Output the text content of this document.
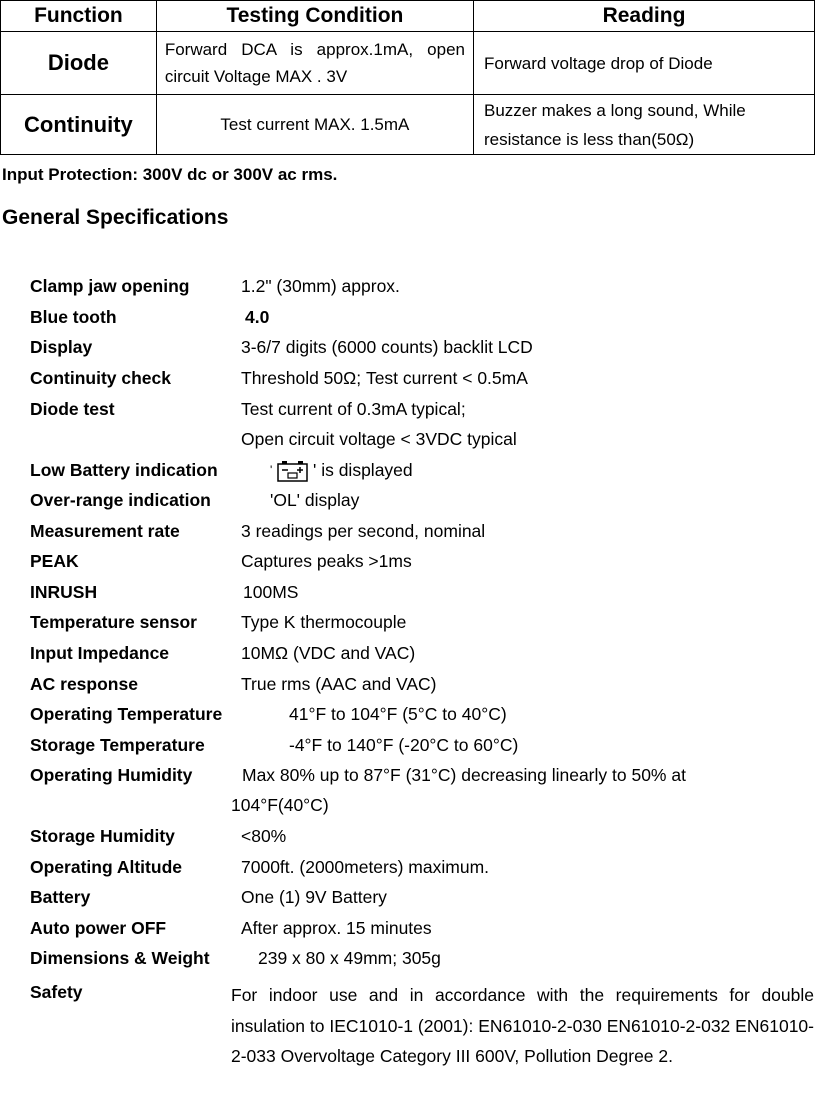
Function	Testing Condition	Reading
Diode	Forward DCA is approx.1mA, open circuit Voltage MAX . 3V	Forward voltage drop of Diode
Continuity	Test current MAX. 1.5mA	Buzzer makes a long sound, While resistance is less than(50Ω)
Input Protection: 300V dc or 300V ac rms.
General Specifications
Clamp jaw opening	1.2" (30mm) approx.
Blue tooth	4.0
Display	3-6/7 digits (6000 counts) backlit LCD
Continuity check	Threshold 50Ω; Test current < 0.5mA
Diode test	Test current of 0.3mA typical;
Open circuit voltage < 3VDC typical
Low Battery indication	' ' is displayed
Over-range indication	'OL' display
Measurement rate	3 readings per second, nominal
PEAK	Captures peaks >1ms
INRUSH	100MS
Temperature sensor	Type K thermocouple
Input Impedance	10MΩ (VDC and VAC)
AC response	True rms (AAC and VAC)
Operating Temperature	41°F to 104°F (5°C to 40°C)
Storage Temperature	-4°F to 140°F (-20°C to 60°C)
Operating Humidity	Max 80% up to 87°F (31°C) decreasing linearly to 50% at
104°F(40°C)
Storage Humidity	<80%
Operating Altitude	7000ft. (2000meters) maximum.
Battery	One (1) 9V Battery
Auto power OFF	After approx. 15 minutes
Dimensions & Weight	239 x 80 x 49mm; 305g
Safety	For indoor use and in accordance with the requirements for double insulation to IEC1010-1 (2001): EN61010-2-030 EN61010-2-032 EN61010-2-033 Overvoltage Category III 600V, Pollution Degree 2.
